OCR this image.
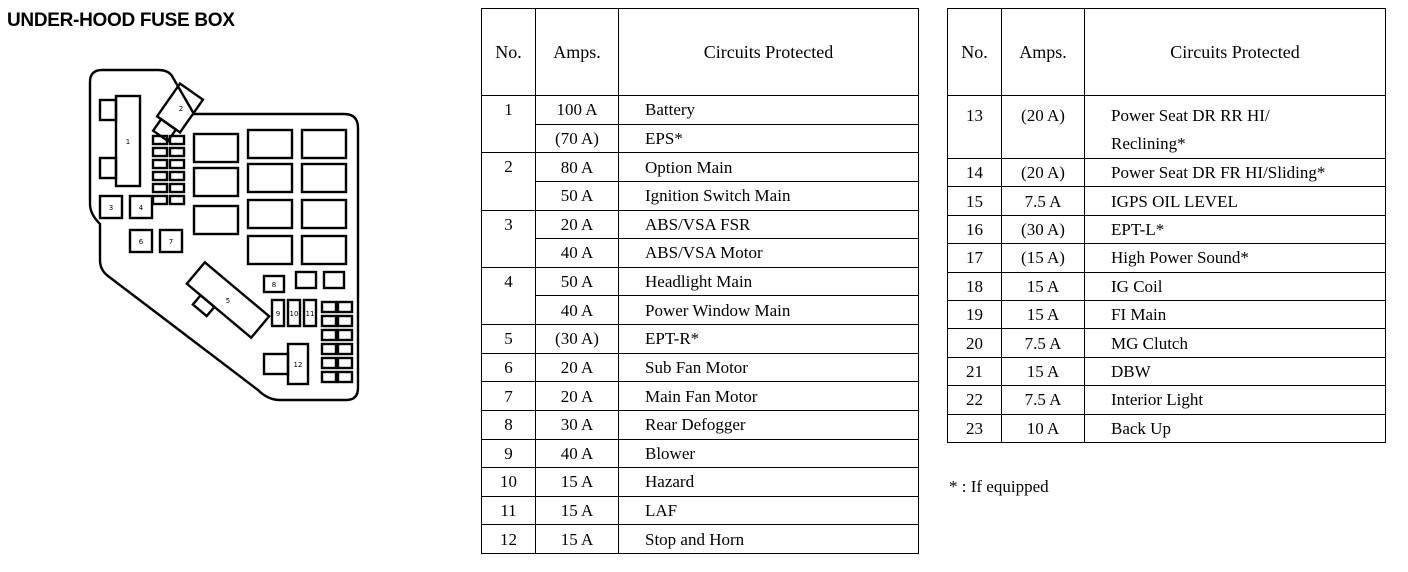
UNDER-HOOD FUSE BOX
1
2
3	4
5
6	7
8
9 10 11
12
No.	Amps.	Circuits Protected
1	100 A	Battery
	(70 A)	EPS*
2	80 A	Option Main
	50 A	Ignition Switch Main
3	20 A	ABS/VSA FSR
	40 A	ABS/VSA Motor
4	50 A	Headlight Main
	40 A	Power Window Main
5	(30 A)	EPT-R*
6	20 A	Sub Fan Motor
7	20 A	Main Fan Motor
8	30 A	Rear Defogger
9	40 A	Blower
10	15 A	Hazard
11	15 A	LAF
12	15 A	Stop and Horn
No.	Amps.	Circuits Protected
13	(20 A)	Power Seat DR RR HI/
Reclining*
14	(20 A)	Power Seat DR FR HI/Sliding*
15	7.5 A	IGPS OIL LEVEL
16	(30 A)	EPT-L*
17	(15 A)	High Power Sound*
18	15 A	IG Coil
19	15 A	FI Main
20	7.5 A	MG Clutch
21	15 A	DBW
22	7.5 A	Interior Light
23	10 A	Back Up
* : If equipped
